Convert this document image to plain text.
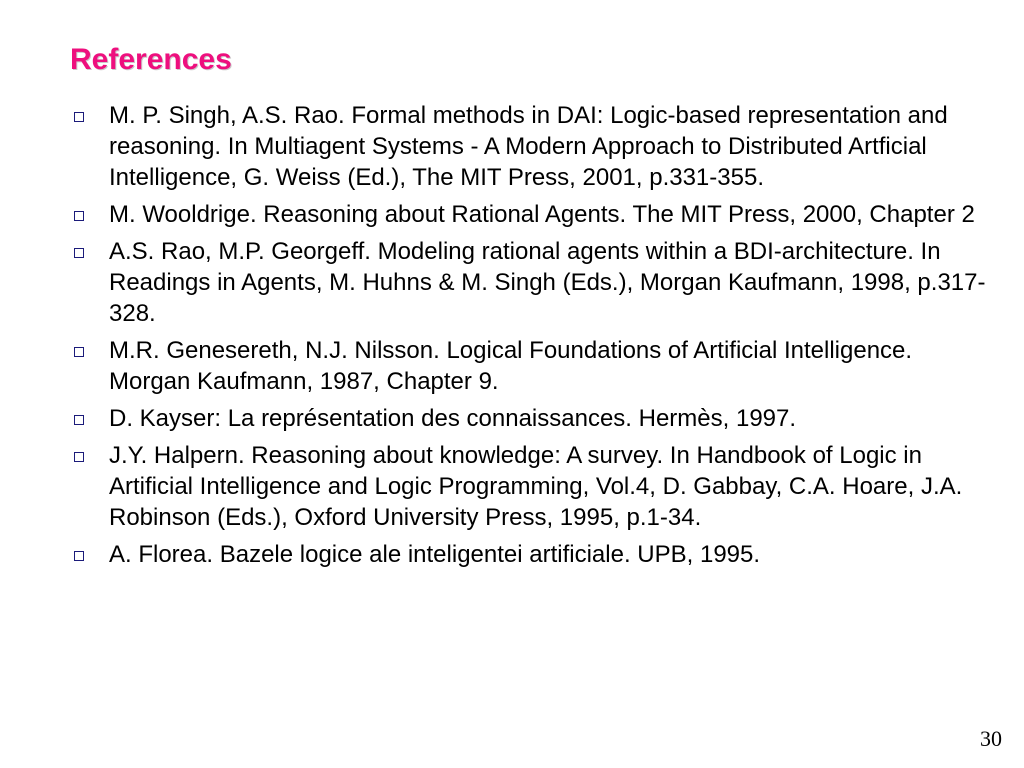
References
M. P. Singh, A.S. Rao. Formal methods in DAI: Logic-based representation and reasoning. In Multiagent Systems - A Modern Approach to Distributed Artficial Intelligence, G. Weiss (Ed.), The MIT Press, 2001, p.331-355.
M. Wooldrige. Reasoning about Rational Agents. The MIT Press, 2000, Chapter 2
A.S. Rao, M.P. Georgeff. Modeling rational agents within a BDI-architecture. In Readings in Agents, M. Huhns & M. Singh (Eds.), Morgan Kaufmann, 1998, p.317-328.
M.R. Genesereth, N.J. Nilsson. Logical Foundations of Artificial Intelligence. Morgan Kaufmann, 1987, Chapter 9.
D. Kayser: La représentation des connaissances. Hermès, 1997.
J.Y. Halpern. Reasoning about knowledge: A survey. In Handbook of Logic in Artificial Intelligence and Logic Programming, Vol.4, D. Gabbay, C.A. Hoare, J.A. Robinson (Eds.), Oxford University Press, 1995, p.1-34.
A. Florea. Bazele logice ale inteligentei artificiale. UPB, 1995.
30
